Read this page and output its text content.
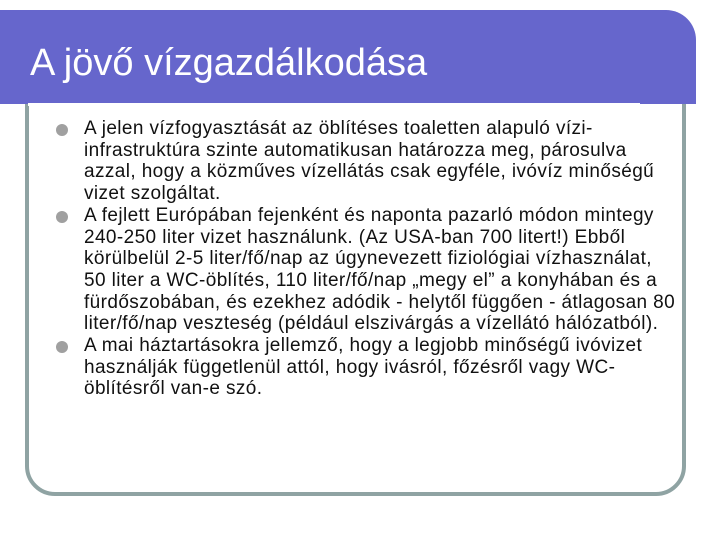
A jövő vízgazdálkodása
A jelen vízfogyasztását az öblítéses toaletten alapuló vízi-infrastruktúra szinte automatikusan határozza meg, párosulva azzal, hogy a közműves vízellátás csak egyféle, ivóvíz minőségű vizet szolgáltat.
A fejlett Európában fejenként és naponta pazarló módon mintegy 240-250 liter vizet használunk. (Az USA-ban 700 litert!) Ebből körülbelül 2-5 liter/fő/nap az úgynevezett fiziológiai vízhasználat, 50 liter a WC-öblítés, 110 liter/fő/nap „megy el” a konyhában és a fürdőszobában, és ezekhez adódik - helytől függően - átlagosan 80 liter/fő/nap veszteség (például elszivárgás a vízellátó hálózatból).
A mai háztartásokra jellemző, hogy a legjobb minőségű ivóvizet használják függetlenül attól, hogy ivásról, főzésről vagy WC-öblítésről van-e szó.
